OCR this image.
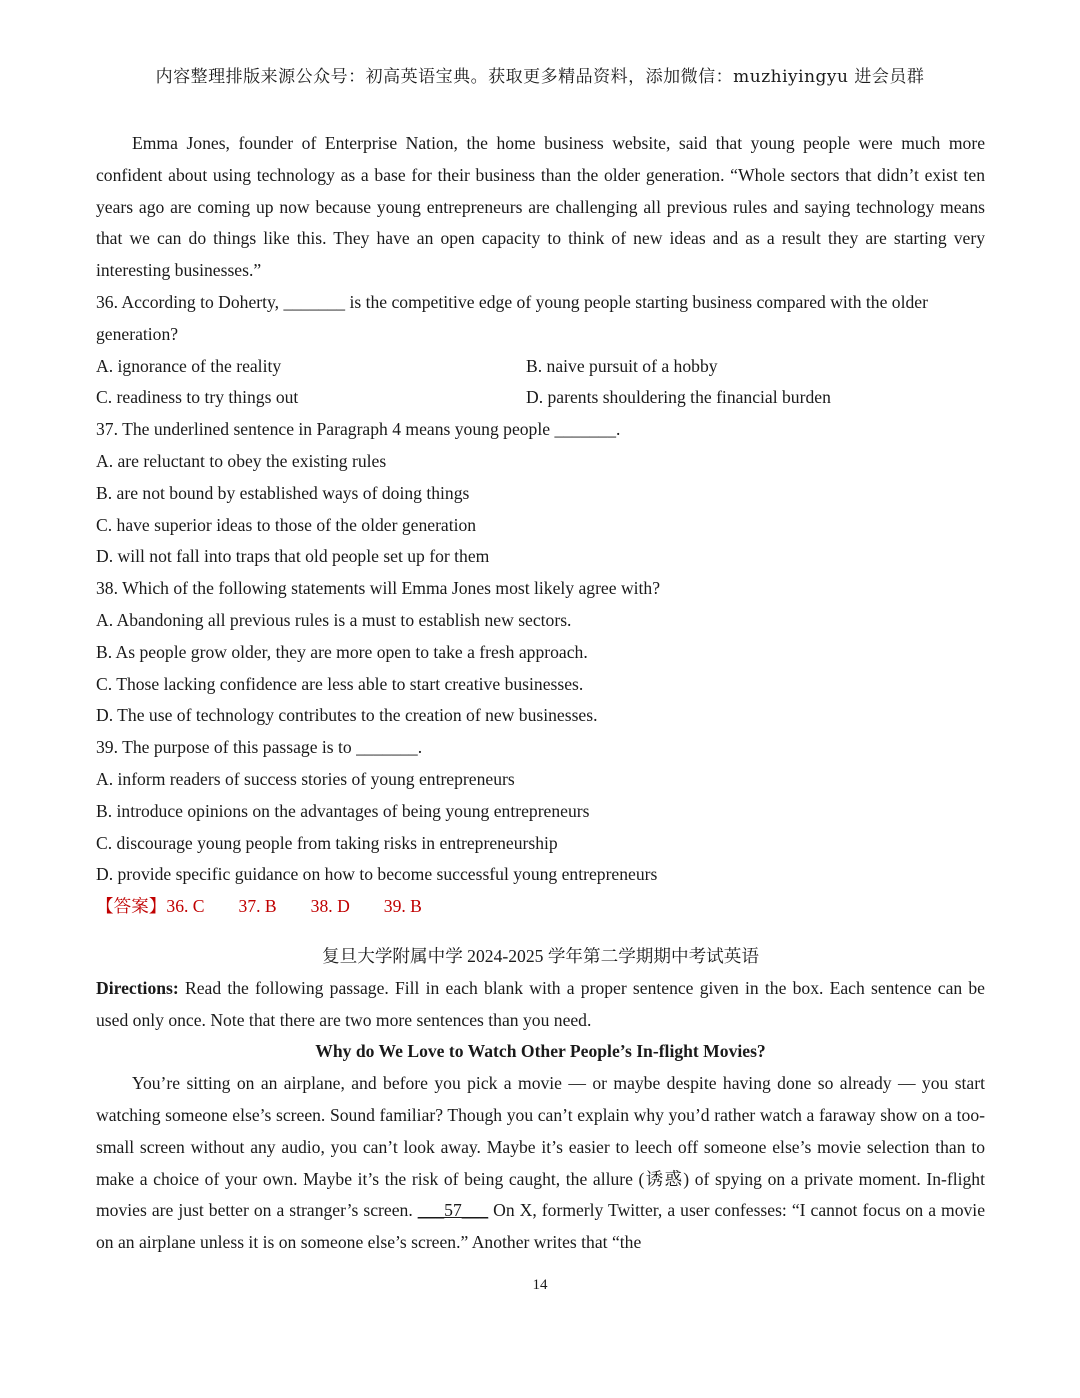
内容整理排版来源公众号：初高英语宝典。获取更多精品资料，添加微信：muzhiyingyu 进会员群

Emma Jones, founder of Enterprise Nation, the home business website, said that young people were much more confident about using technology as a base for their business than the older generation. “Whole sectors that didn’t exist ten years ago are coming up now because young entrepreneurs are challenging all previous rules and saying technology means that we can do things like this. They have an open capacity to think of new ideas and as a result they are starting very interesting businesses.”

36. According to Doherty, _______ is the competitive edge of young people starting business compared with the older generation?

A. ignorance of the reality	B. naive pursuit of a hobby
C. readiness to try things out	D. parents shouldering the financial burden

37. The underlined sentence in Paragraph 4 means young people _______.

A. are reluctant to obey the existing rules

B. are not bound by established ways of doing things

C. have superior ideas to those of the older generation

D. will not fall into traps that old people set up for them

38. Which of the following statements will Emma Jones most likely agree with?

A. Abandoning all previous rules is a must to establish new sectors.

B. As people grow older, they are more open to take a fresh approach.

C. Those lacking confidence are less able to start creative businesses.

D. The use of technology contributes to the creation of new businesses.

39. The purpose of this passage is to _______.

A. inform readers of success stories of young entrepreneurs

B. introduce opinions on the advantages of being young entrepreneurs

C. discourage young people from taking risks in entrepreneurship

D. provide specific guidance on how to become successful young entrepreneurs

【答案】36. C 37. B 38. D 39. B

复旦大学附属中学 2024-2025 学年第二学期期中考试英语

Directions: Read the following passage. Fill in each blank with a proper sentence given in the box. Each sentence can be used only once. Note that there are two more sentences than you need.

Why do We Love to Watch Other People’s In-flight Movies?

You’re sitting on an airplane, and before you pick a movie — or maybe despite having done so already — you start watching someone else’s screen. Sound familiar? Though you can’t explain why you’d rather watch a faraway show on a too-small screen without any audio, you can’t look away. Maybe it’s easier to leech off someone else’s movie selection than to make a choice of your own. Maybe it’s the risk of being caught, the allure (诱惑) of spying on a private moment. In-flight movies are just better on a stranger’s screen. ___57___ On X, formerly Twitter, a user confesses: “I cannot focus on a movie on an airplane unless it is on someone else’s screen.” Another writes that “the

14
